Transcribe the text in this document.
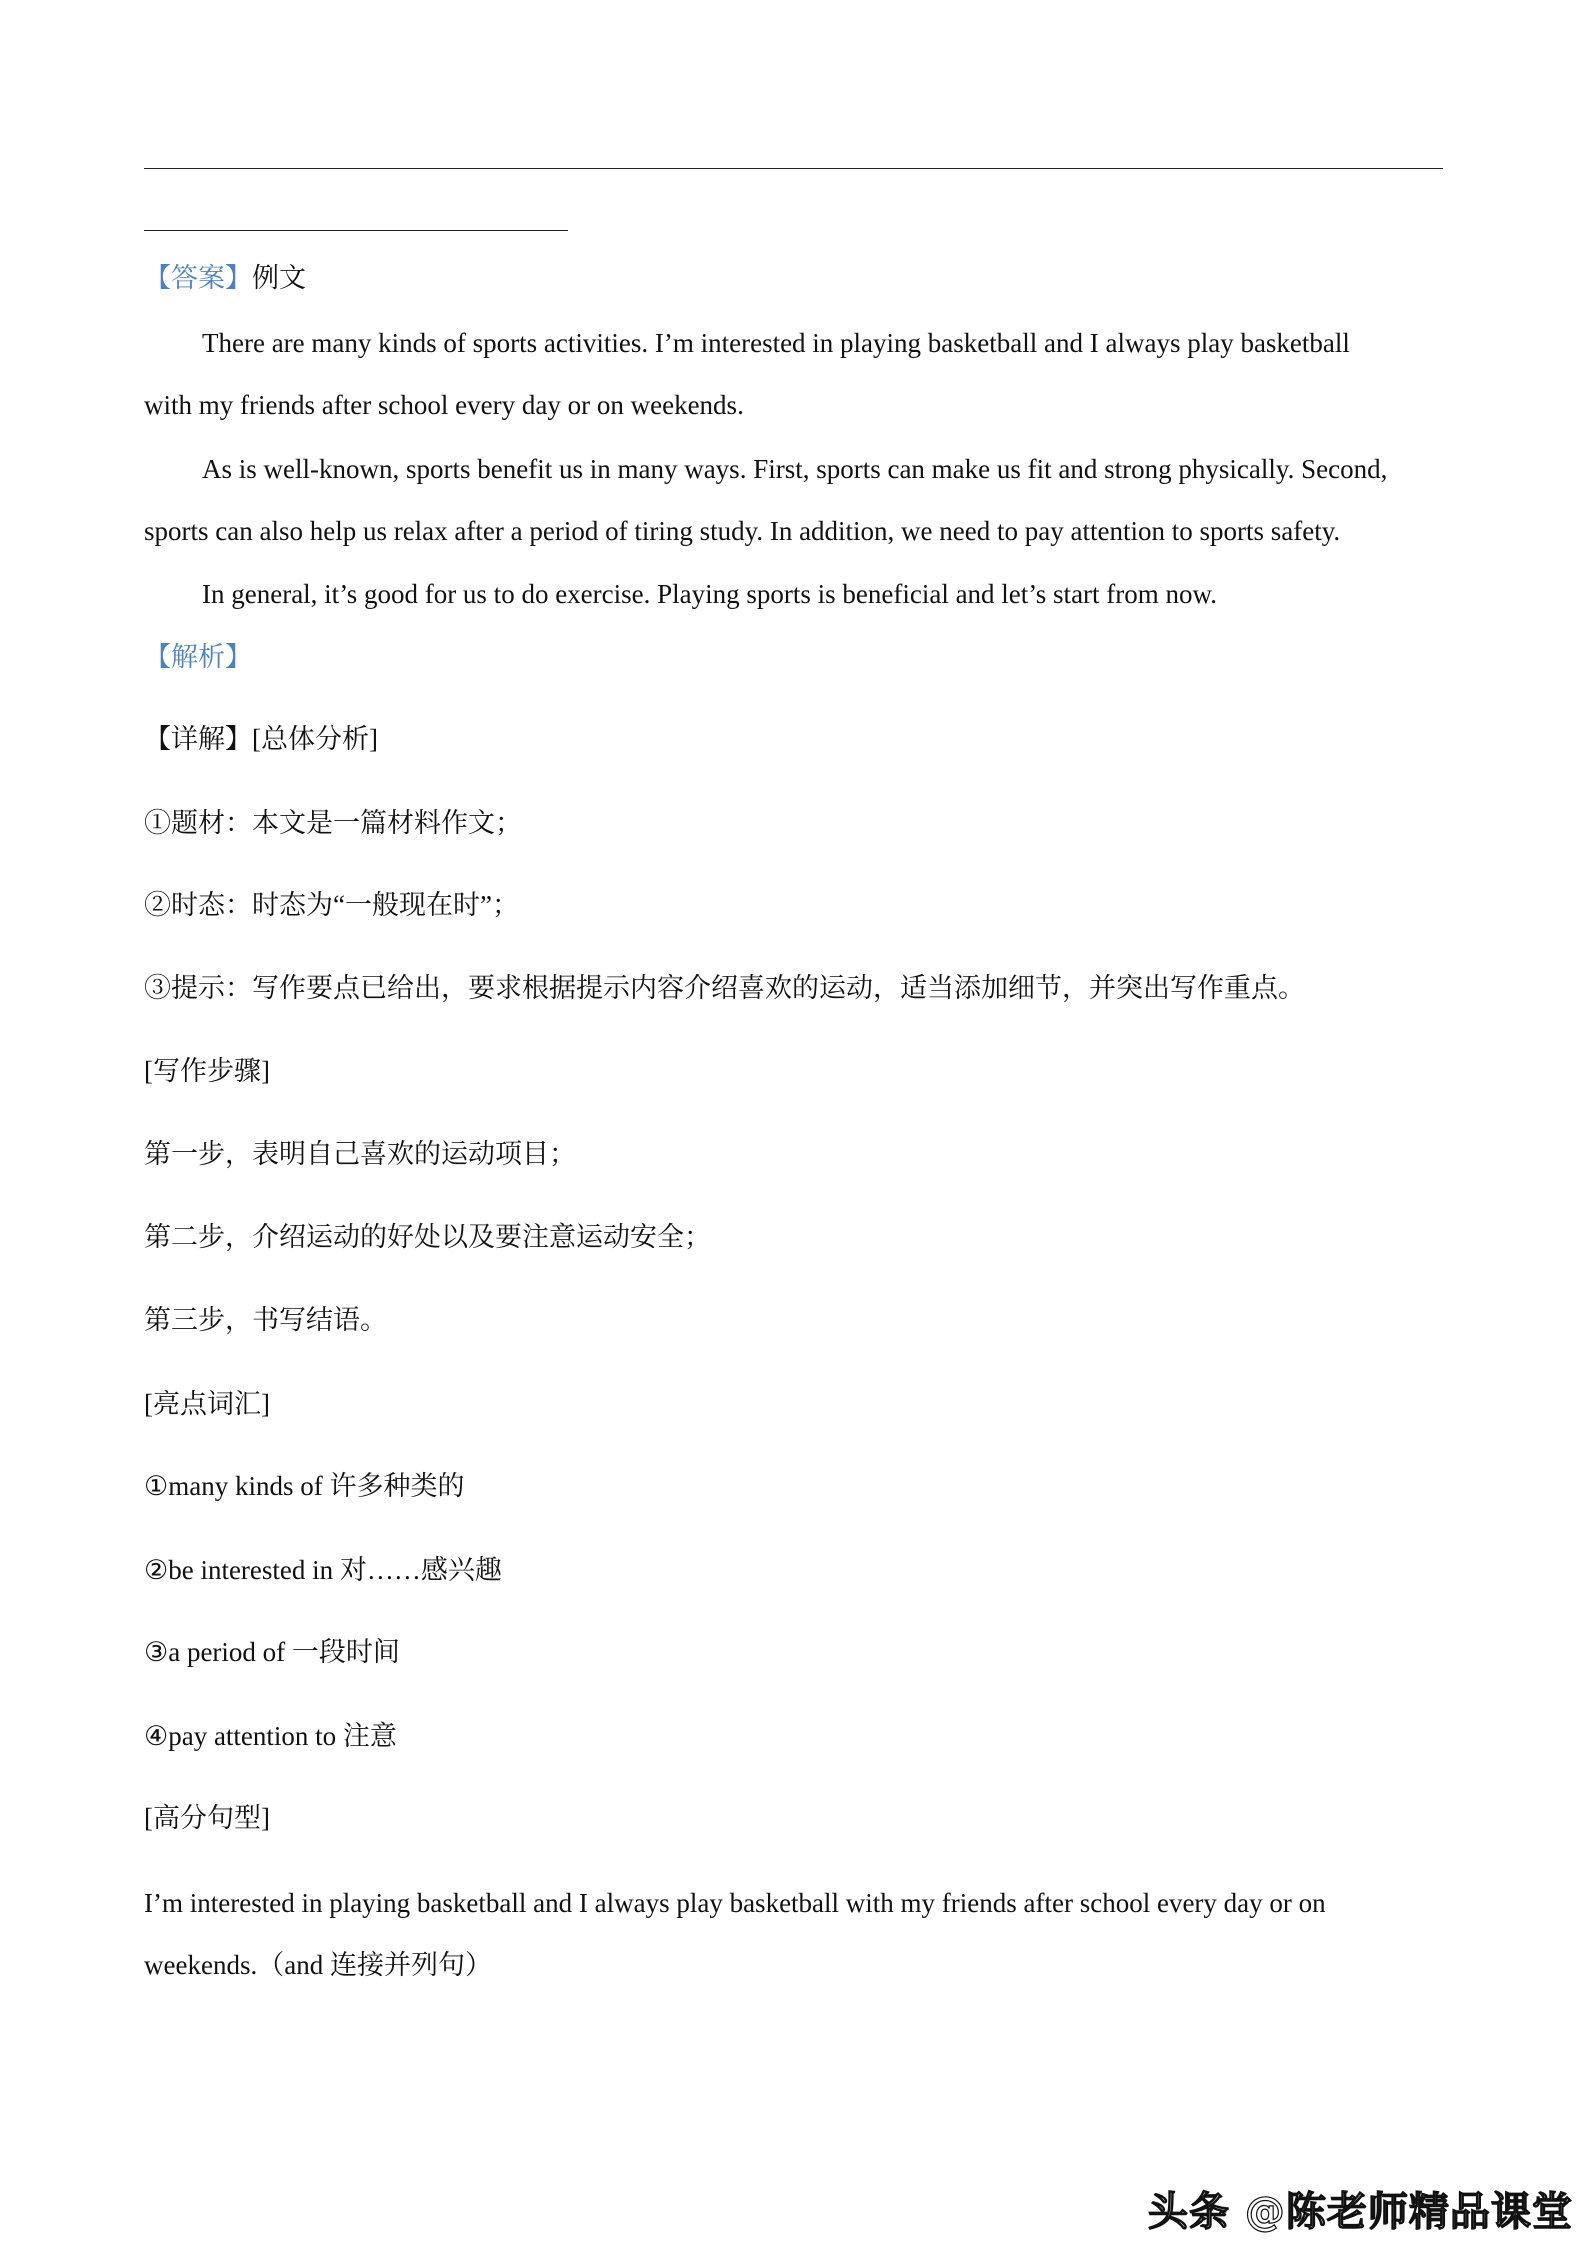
【答案】例文
There are many kinds of sports activities. I’m interested in playing basketball and I always play basketball
with my friends after school every day or on weekends.
As is well-known, sports benefit us in many ways. First, sports can make us fit and strong physically. Second,
sports can also help us relax after a period of tiring study. In addition, we need to pay attention to sports safety.
In general, it’s good for us to do exercise. Playing sports is beneficial and let’s start from now.
【解析】
【详解】[总体分析]
①题材：本文是一篇材料作文；
②时态：时态为“一般现在时”；
③提示：写作要点已给出，要求根据提示内容介绍喜欢的运动，适当添加细节，并突出写作重点。
[写作步骤]
第一步，表明自己喜欢的运动项目；
第二步，介绍运动的好处以及要注意运动安全；
第三步，书写结语。
[亮点词汇]
①many kinds of 许多种类的
②be interested in 对……感兴趣
③a period of 一段时间
④pay attention to 注意
[高分句型]
I’m interested in playing basketball and I always play basketball with my friends after school every day or on
weekends.（and 连接并列句）
头条 @陈老师精品课堂
